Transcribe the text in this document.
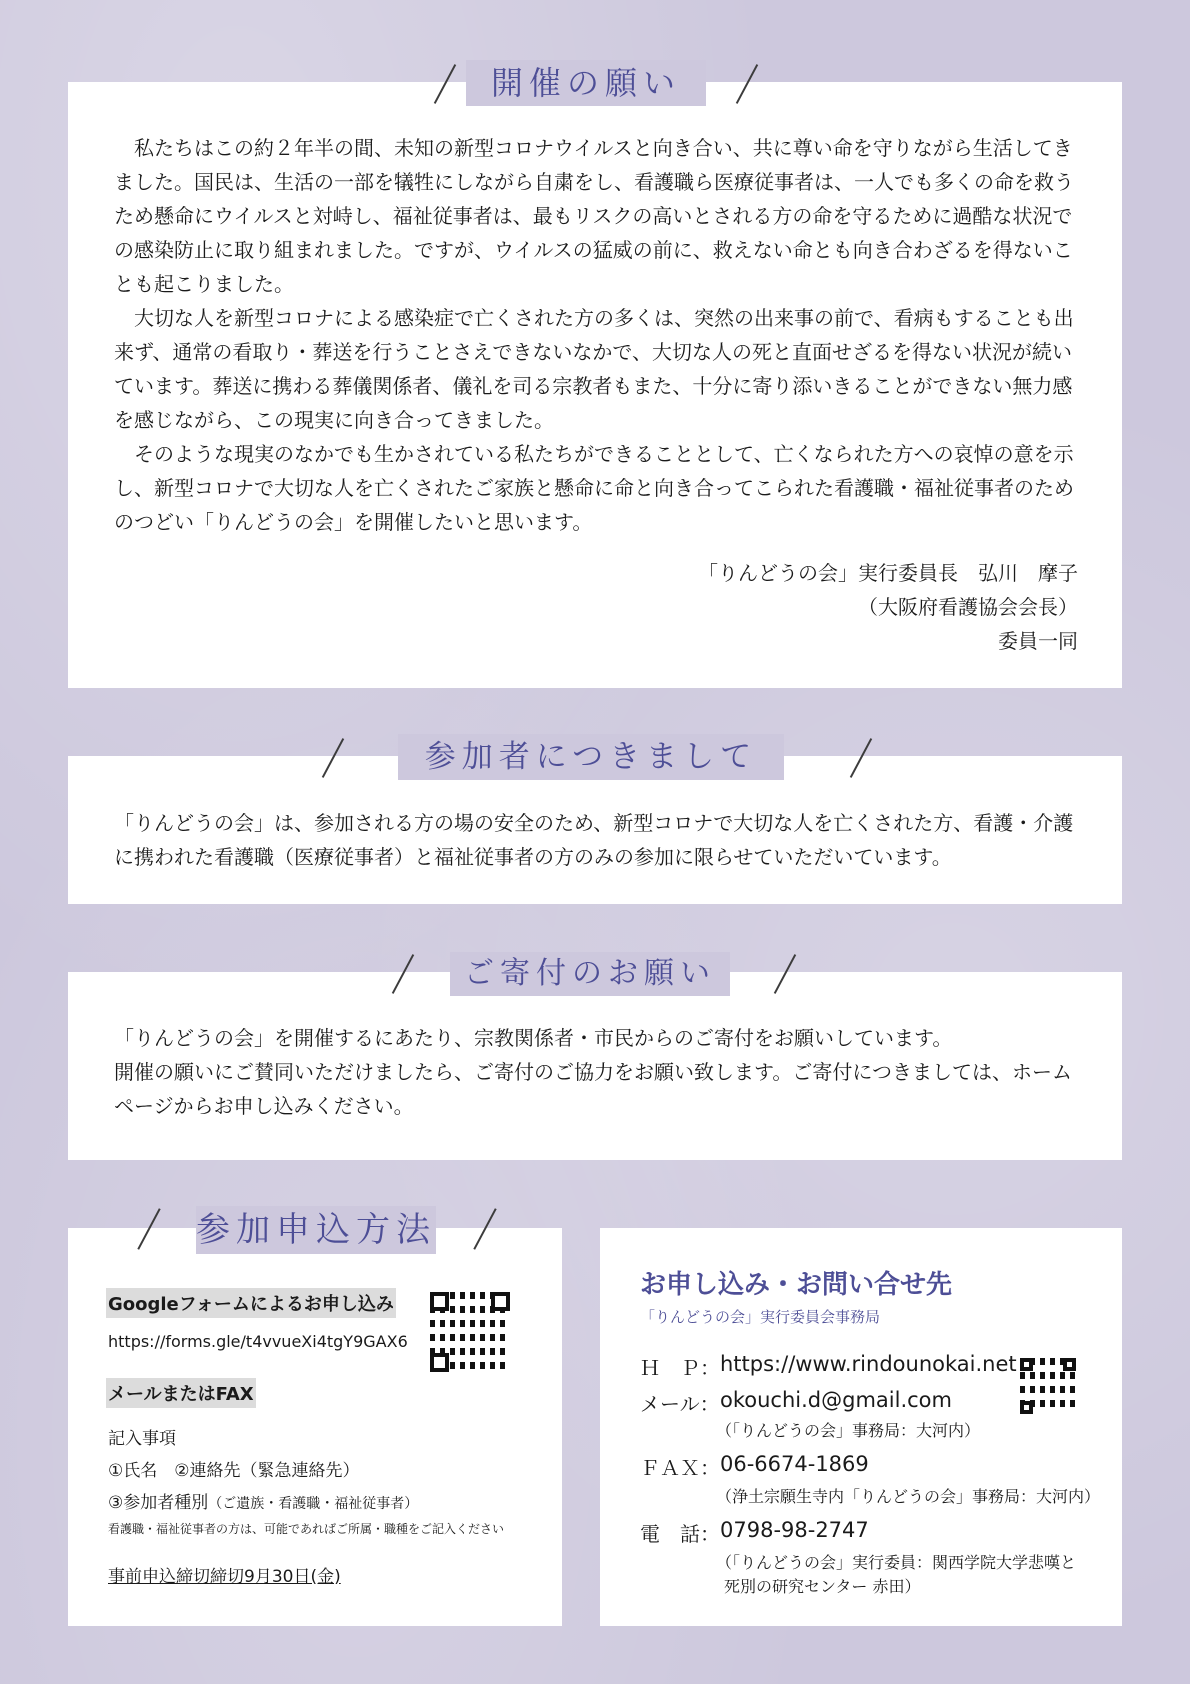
開催の願い

私たちはこの約２年半の間、未知の新型コロナウイルスと向き合い、共に尊い命を守りながら生活してきました。国民は、生活の一部を犠牲にしながら自粛をし、看護職ら医療従事者は、一人でも多くの命を救うため懸命にウイルスと対峙し、福祉従事者は、最もリスクの高いとされる方の命を守るために過酷な状況での感染防止に取り組まれました。ですが、ウイルスの猛威の前に、救えない命とも向き合わざるを得ないことも起こりました。

大切な人を新型コロナによる感染症で亡くされた方の多くは、突然の出来事の前で、看病もすることも出来ず、通常の看取り・葬送を行うことさえできないなかで、大切な人の死と直面せざるを得ない状況が続いています。葬送に携わる葬儀関係者、儀礼を司る宗教者もまた、十分に寄り添いきることができない無力感を感じながら、この現実に向き合ってきました。

そのような現実のなかでも生かされている私たちができることとして、亡くなられた方への哀悼の意を示し、新型コロナで大切な人を亡くされたご家族と懸命に命と向き合ってこられた看護職・福祉従事者のためのつどい「りんどうの会」を開催したいと思います。

「りんどうの会」実行委員長　弘川　摩子
（大阪府看護協会会長）
委員一同
参加者につきまして

「りんどうの会」は、参加される方の場の安全のため、新型コロナで大切な人を亡くされた方、看護・介護に携われた看護職（医療従事者）と福祉従事者の方のみの参加に限らせていただいています。

ご寄付のお願い

「りんどうの会」を開催するにあたり、宗教関係者・市民からのご寄付をお願いしています。

開催の願いにご賛同いただけましたら、ご寄付のご協力をお願い致します。ご寄付につきましては、ホームページからお申し込みください。

参加申込方法
Googleフォームによるお申し込み
https://forms.gle/t4vvueXi4tgY9GAX6
メールまたはFAX
記入事項
①氏名　②連絡先（緊急連絡先）
③参加者種別（ご遺族・看護職・福祉従事者）
看護職・福祉従事者の方は、可能であればご所属・職種をご記入ください
事前申込締切締切9月30日(金)
お申し込み・お問い合せ先
「りんどうの会」実行委員会事務局
Ｈ　Ｐ： https://www.rindounokai.net
メール： okouchi.d@gmail.com
（「りんどうの会」事務局：大河内）
ＦＡＸ： 06-6674-1869
（浄土宗願生寺内「りんどうの会」事務局：大河内）
電　話： 0798-98-2747
（「りんどうの会」実行委員：関西学院大学悲嘆と
死別の研究センター 赤田）
